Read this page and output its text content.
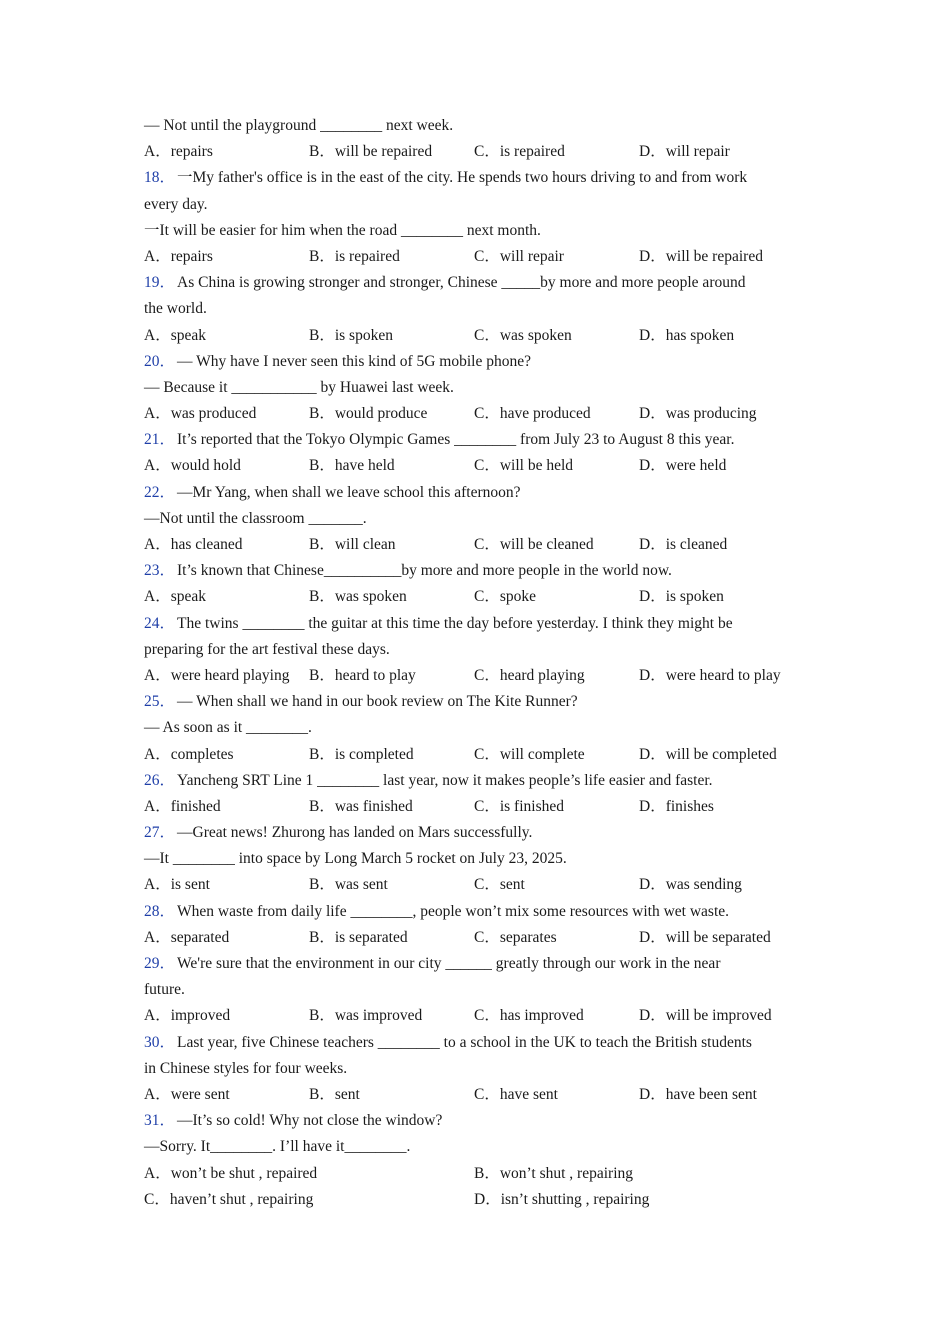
— Not until the playground ________ next week.
A．repairs	B．will be repaired	C．is repaired	D．will repair
18． 一My father's office is in the east of the city. He spends two hours driving to and from work
every day.
一It will be easier for him when the road ________ next month.
A．repairs	B．is repaired	C．will repair	D．will be repaired
19． As China is growing stronger and stronger, Chinese _____by more and more people around
the world.
A．speak	B．is spoken	C．was spoken	D．has spoken
20． — Why have I never seen this kind of 5G mobile phone?
— Because it ___________ by Huawei last week.
A．was produced	B．would produce	C．have produced	D．was producing
21． It’s reported that the Tokyo Olympic Games ________ from July 23 to August 8 this year.
A．would hold	B．have held	C．will be held	D．were held
22． —Mr Yang, when shall we leave school this afternoon?
—Not until the classroom _______.
A．has cleaned	B．will clean	C．will be cleaned	D．is cleaned
23． It’s known that Chinese__________by more and more people in the world now.
A．speak	B．was spoken	C．spoke	D．is spoken
24． The twins ________ the guitar at this time the day before yesterday. I think they might be
preparing for the art festival these days.
A．were heard playing	B．heard to play	C．heard playing	D．were heard to play
25． — When shall we hand in our book review on The Kite Runner?
— As soon as it ________.
A．completes	B．is completed	C．will complete	D．will be completed
26． Yancheng SRT Line 1 ________ last year, now it makes people’s life easier and faster.
A．finished	B．was finished	C．is finished	D．finishes
27． —Great news! Zhurong has landed on Mars successfully.
—It ________ into space by Long March 5 rocket on July 23, 2025.
A．is sent	B．was sent	C．sent	D．was sending
28． When waste from daily life ________, people won’t mix some resources with wet waste.
A．separated	B．is separated	C．separates	D．will be separated
29． We're sure that the environment in our city ______ greatly through our work in the near
future.
A．improved	B．was improved	C．has improved	D．will be improved
30． Last year, five Chinese teachers ________ to a school in the UK to teach the British students
in Chinese styles for four weeks.
A．were sent	B．sent	C．have sent	D．have been sent
31． —It’s so cold! Why not close the window?
—Sorry. It________. I’ll have it________.
A．won’t be shut , repaired	B．won’t shut , repairing
C．haven’t shut , repairing	D．isn’t shutting , repairing
